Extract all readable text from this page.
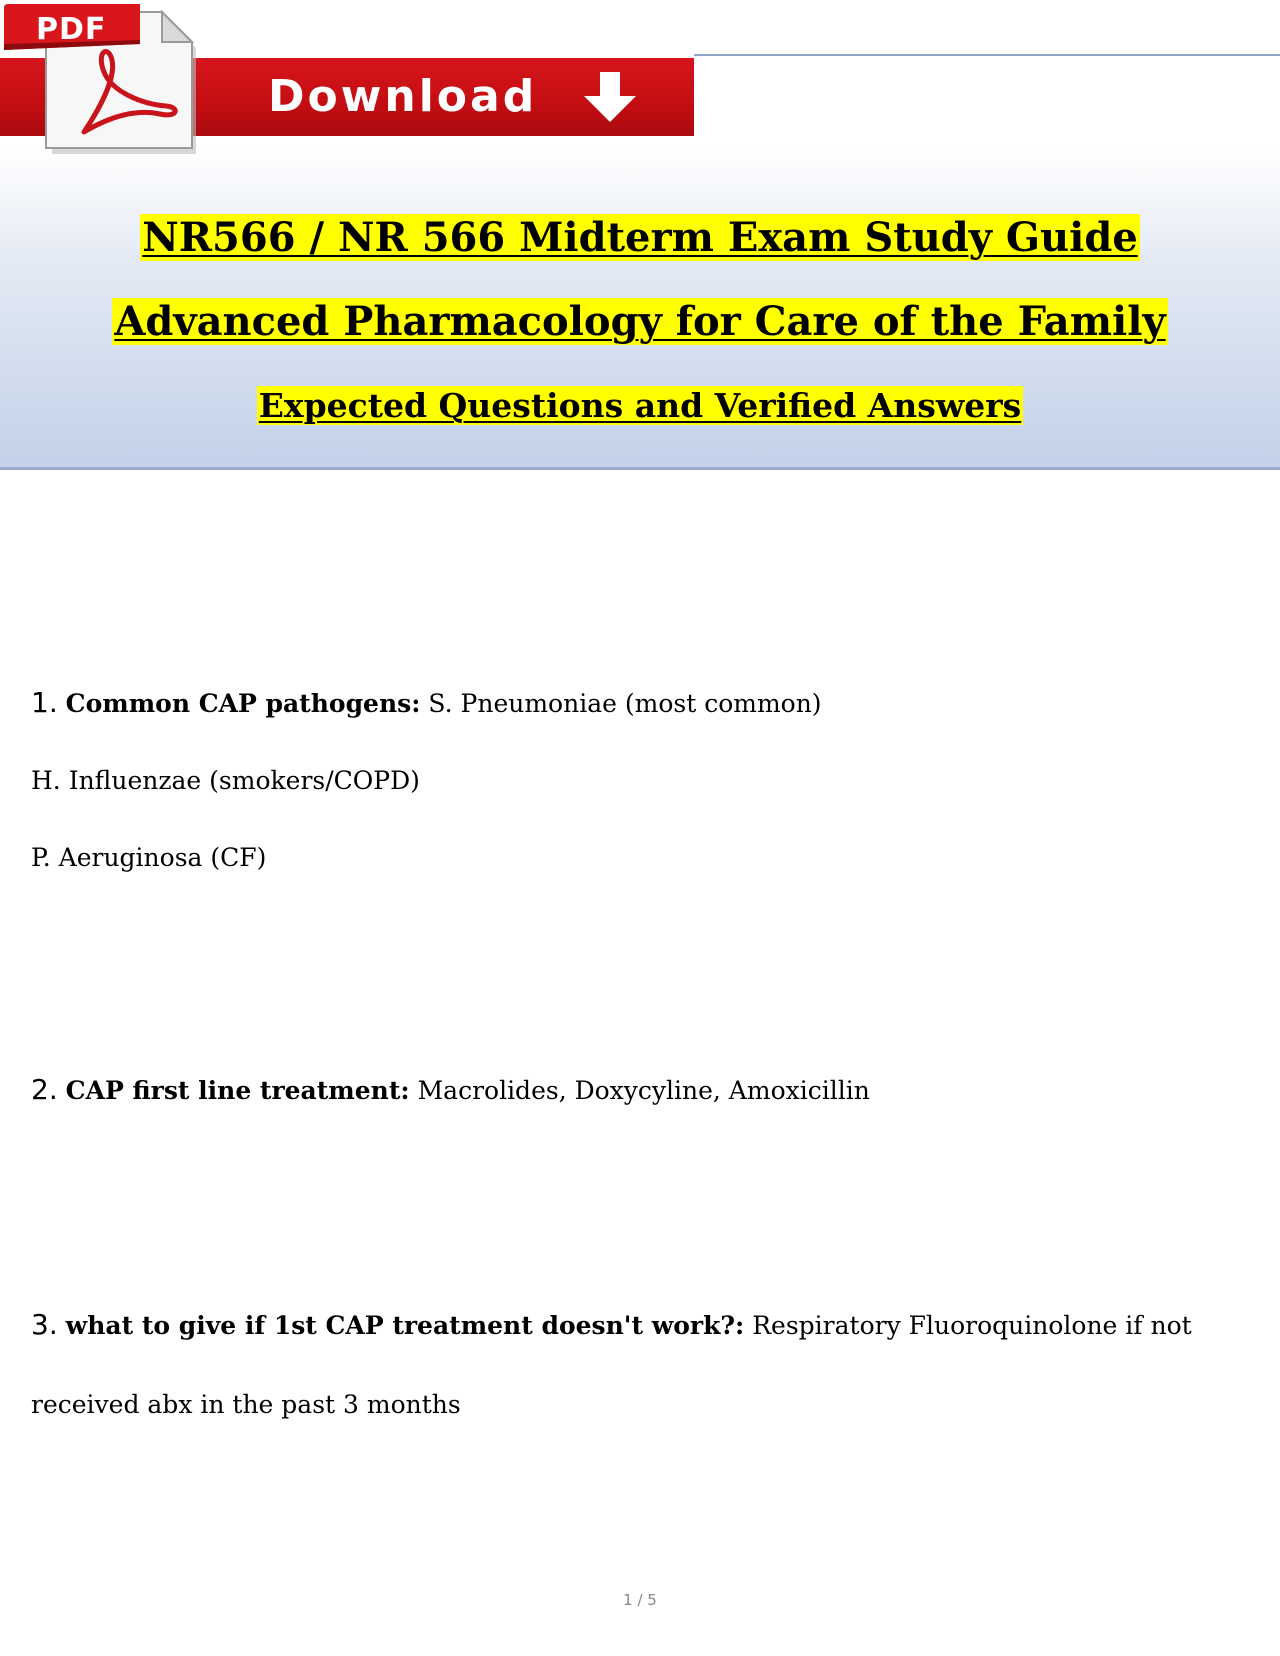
Download
PDF
NR566 / NR 566 Midterm Exam Study Guide
Advanced Pharmacology for Care of the Family
Expected Questions and Verified Answers
1. Common CAP pathogens: S. Pneumoniae (most common)
H. Influenzae (smokers/COPD)
P. Aeruginosa (CF)
2. CAP first line treatment: Macrolides, Doxycyline, Amoxicillin
3. what to give if 1st CAP treatment doesn't work?: Respiratory Fluoroquinolone if not
received abx in the past 3 months
1 / 5
